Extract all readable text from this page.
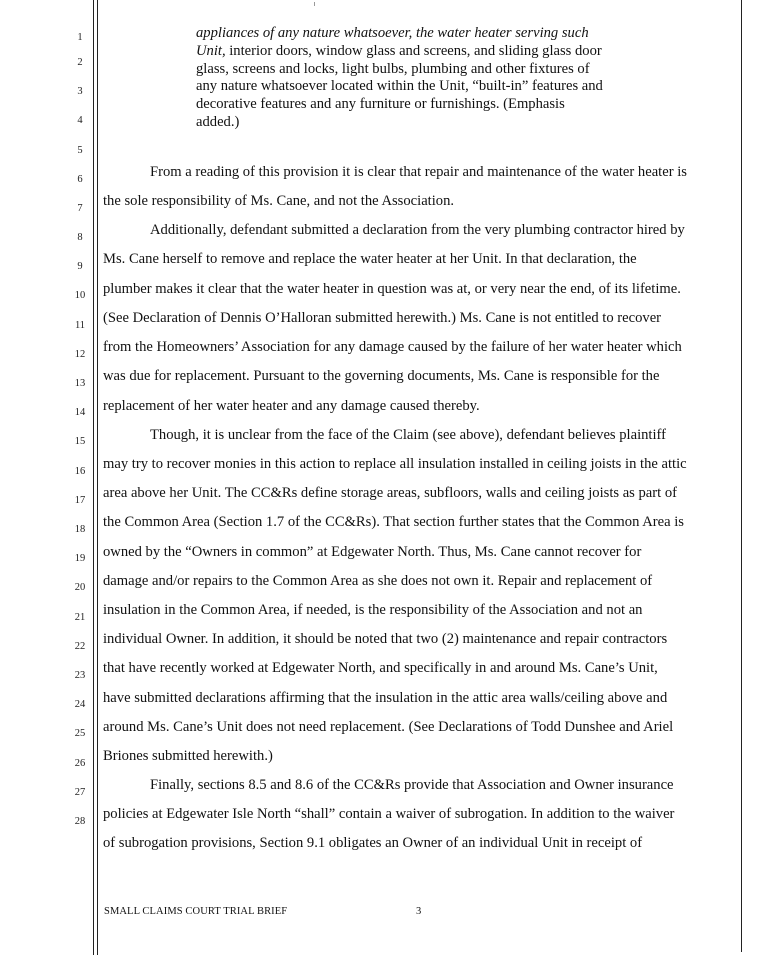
1
2
3
4
5
6
7
8
9
10
11
12
13
14
15
16
17
18
19
20
21
22
23
24
25
26
27
28
appliances of any nature whatsoever, the water heater serving such
Unit, interior doors, window glass and screens, and sliding glass door
glass, screens and locks, light bulbs, plumbing and other fixtures of
any nature whatsoever located within the Unit, “built-in” features and
decorative features and any furniture or furnishings. (Emphasis
added.)
From a reading of this provision it is clear that repair and maintenance of the water heater is
the sole responsibility of Ms. Cane, and not the Association.
Additionally, defendant submitted a declaration from the very plumbing contractor hired by
Ms. Cane herself to remove and replace the water heater at her Unit. In that declaration, the
plumber makes it clear that the water heater in question was at, or very near the end, of its lifetime.
(See Declaration of Dennis O’Halloran submitted herewith.) Ms. Cane is not entitled to recover
from the Homeowners’ Association for any damage caused by the failure of her water heater which
was due for replacement. Pursuant to the governing documents, Ms. Cane is responsible for the
replacement of her water heater and any damage caused thereby.
Though, it is unclear from the face of the Claim (see above), defendant believes plaintiff
may try to recover monies in this action to replace all insulation installed in ceiling joists in the attic
area above her Unit. The CC&Rs define storage areas, subfloors, walls and ceiling joists as part of
the Common Area (Section 1.7 of the CC&Rs). That section further states that the Common Area is
owned by the “Owners in common” at Edgewater North. Thus, Ms. Cane cannot recover for
damage and/or repairs to the Common Area as she does not own it. Repair and replacement of
insulation in the Common Area, if needed, is the responsibility of the Association and not an
individual Owner. In addition, it should be noted that two (2) maintenance and repair contractors
that have recently worked at Edgewater North, and specifically in and around Ms. Cane’s Unit,
have submitted declarations affirming that the insulation in the attic area walls/ceiling above and
around Ms. Cane’s Unit does not need replacement. (See Declarations of Todd Dunshee and Ariel
Briones submitted herewith.)
Finally, sections 8.5 and 8.6 of the CC&Rs provide that Association and Owner insurance
policies at Edgewater Isle North “shall” contain a waiver of subrogation. In addition to the waiver
of subrogation provisions, Section 9.1 obligates an Owner of an individual Unit in receipt of
SMALL CLAIMS COURT TRIAL BRIEF	3
